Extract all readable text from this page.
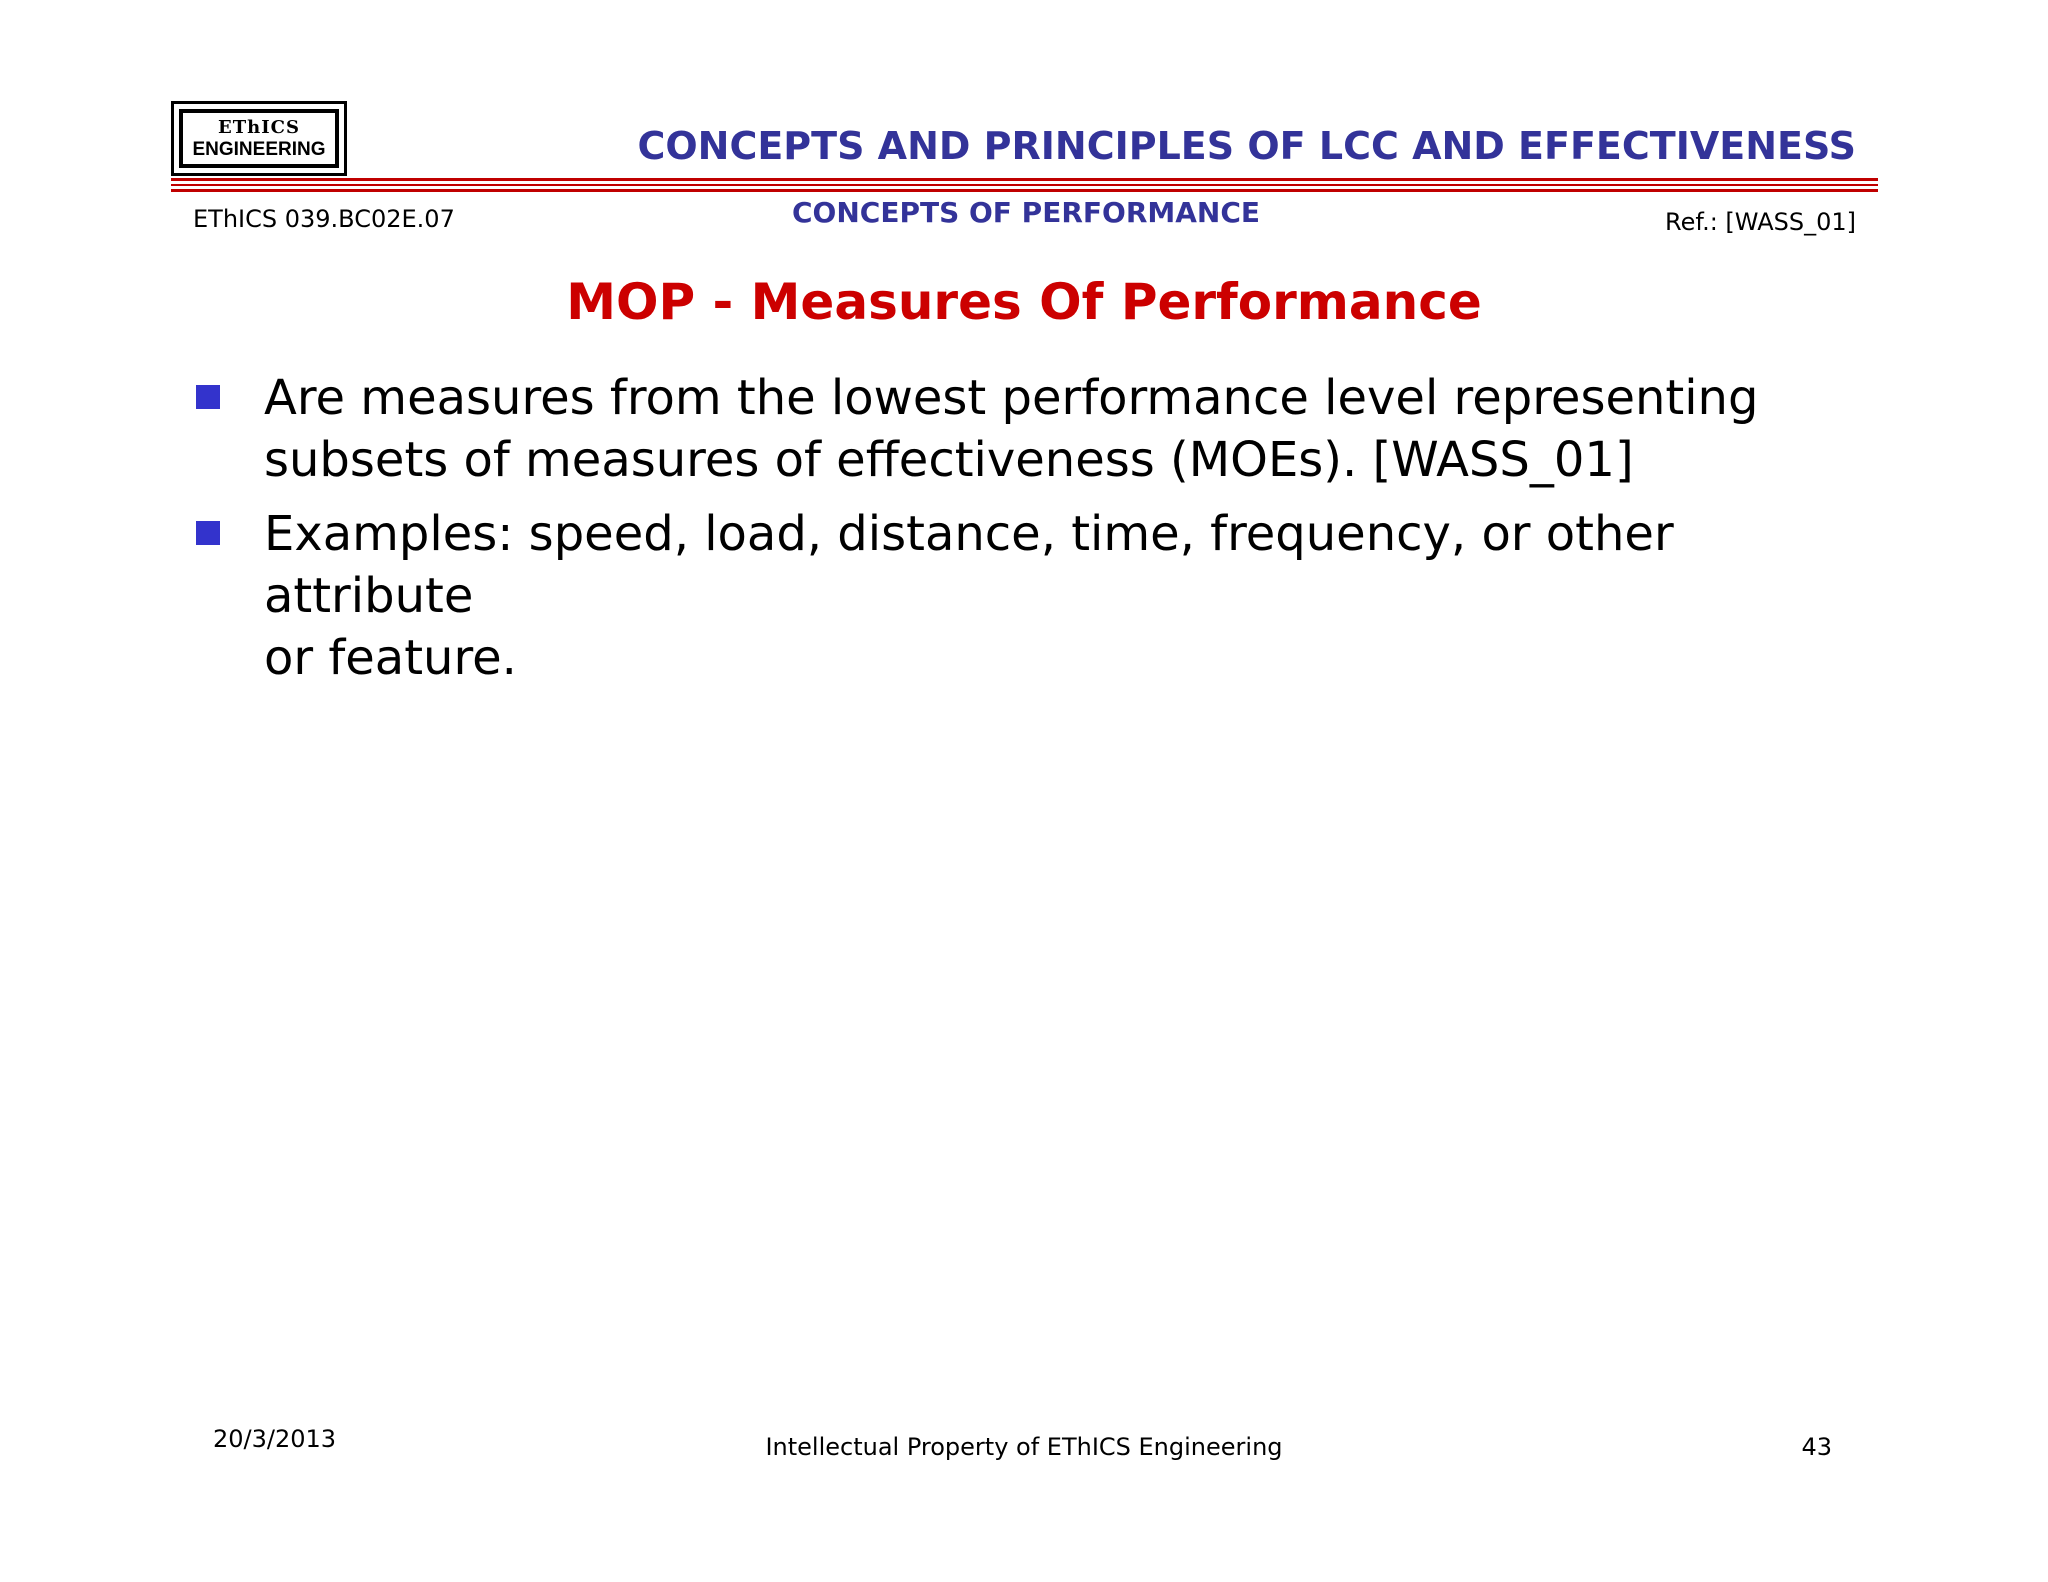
EThICS
ENGINEERING	CONCEPTS AND PRINCIPLES OF LCC AND EFFECTIVENESS
EThICS 039.BC02E.07	CONCEPTS OF PERFORMANCE	Ref.: [WASS_01]
MOP - Measures Of Performance
Are measures from the lowest performance level representing
subsets of measures of effectiveness (MOEs). [WASS_01]
Examples: speed, load, distance, time, frequency, or other attribute
or feature.
20/3/2013	Intellectual Property of EThICS Engineering	43
